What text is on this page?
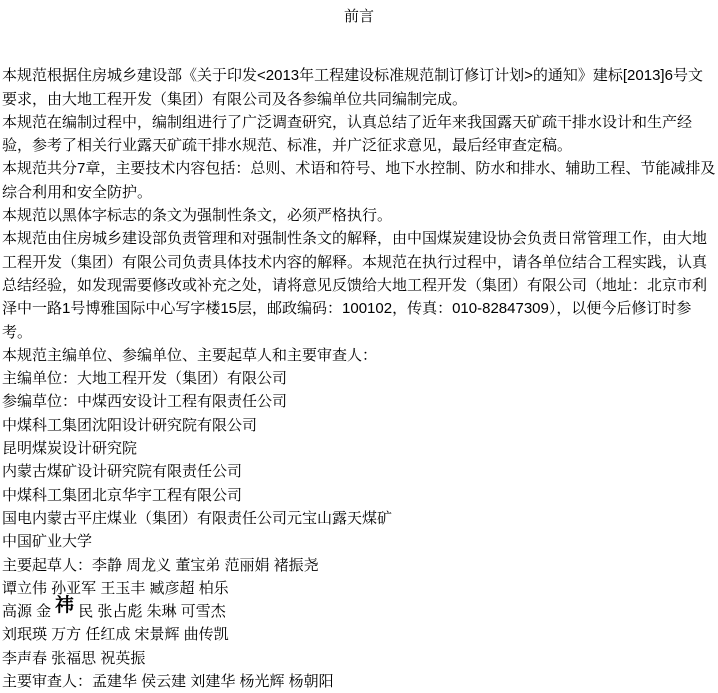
前言

本规范根据住房城乡建设部《关于印发<2013年工程建设标准规范制订修订计划>的通知》建标[2013]6号文要求，由大地工程开发（集团）有限公司及各参编单位共同编制完成。

本规范在编制过程中，编制组进行了广泛调查研究，认真总结了近年来我国露天矿疏干排水设计和生产经验，参考了相关行业露天矿疏干排水规范、标准，并广泛征求意见，最后经审查定稿。

本规范共分7章，主要技术内容包括：总则、术语和符号、地下水控制、防水和排水、辅助工程、节能减排及综合利用和安全防护。

本规范以黑体字标志的条文为强制性条文，必须严格执行。

本规范由住房城乡建设部负责管理和对强制性条文的解释，由中国煤炭建设协会负责日常管理工作，由大地工程开发（集团）有限公司负责具体技术内容的解释。本规范在执行过程中，请各单位结合工程实践，认真总结经验，如发现需要修改或补充之处，请将意见反馈给大地工程开发（集团）有限公司（地址：北京市利泽中一路1号博雅国际中心写字楼15层，邮政编码：100102，传真：010-82847309），以便今后修订时参考。

本规范主编单位、参编单位、主要起草人和主要审查人：

主编单位：大地工程开发（集团）有限公司

参编草位：中煤西安设计工程有限责任公司

中煤科工集团沈阳设计研究院有限公司

昆明煤炭设计研究院

内蒙古煤矿设计研究院有限责任公司

中煤科工集团北京华宇工程有限公司

国电内蒙古平庄煤业（集团）有限责任公司元宝山露天煤矿

中国矿业大学

主要起草人：李静 周龙义 董宝弟 范丽娟 褚振尧

谭立伟 孙亚军 王玉丰 臧彦超 柏乐

高源 金 祎 民 张占彪 朱琳 可雪杰

刘珉瑛 万方 任红成 宋景辉 曲传凯

李声春 张福思 祝英振

主要审查人：孟建华 侯云建 刘建华 杨光辉 杨朝阳
